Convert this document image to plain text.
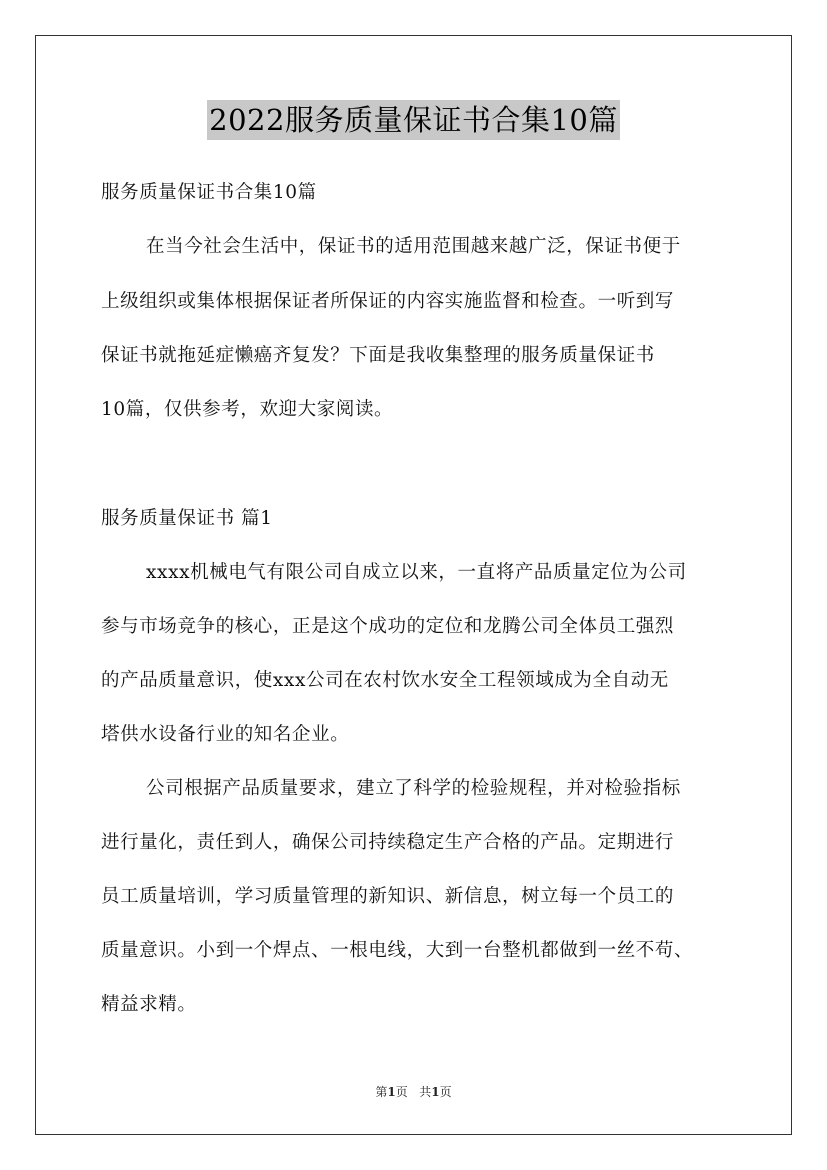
2022服务质量保证书合集10篇
服务质量保证书合集10篇
在当今社会生活中，保证书的适用范围越来越广泛，保证书便于
上级组织或集体根据保证者所保证的内容实施监督和检查。一听到写
保证书就拖延症懒癌齐复发？下面是我收集整理的服务质量保证书
10篇，仅供参考，欢迎大家阅读。
服务质量保证书 篇1
xxxx机械电气有限公司自成立以来，一直将产品质量定位为公司
参与市场竞争的核心，正是这个成功的定位和龙腾公司全体员工强烈
的产品质量意识，使xxx公司在农村饮水安全工程领域成为全自动无
塔供水设备行业的知名企业。
公司根据产品质量要求，建立了科学的检验规程，并对检验指标
进行量化，责任到人，确保公司持续稳定生产合格的产品。定期进行
员工质量培训，学习质量管理的新知识、新信息，树立每一个员工的
质量意识。小到一个焊点、一根电线，大到一台整机都做到一丝不苟、
精益求精。
第1页 共1页
